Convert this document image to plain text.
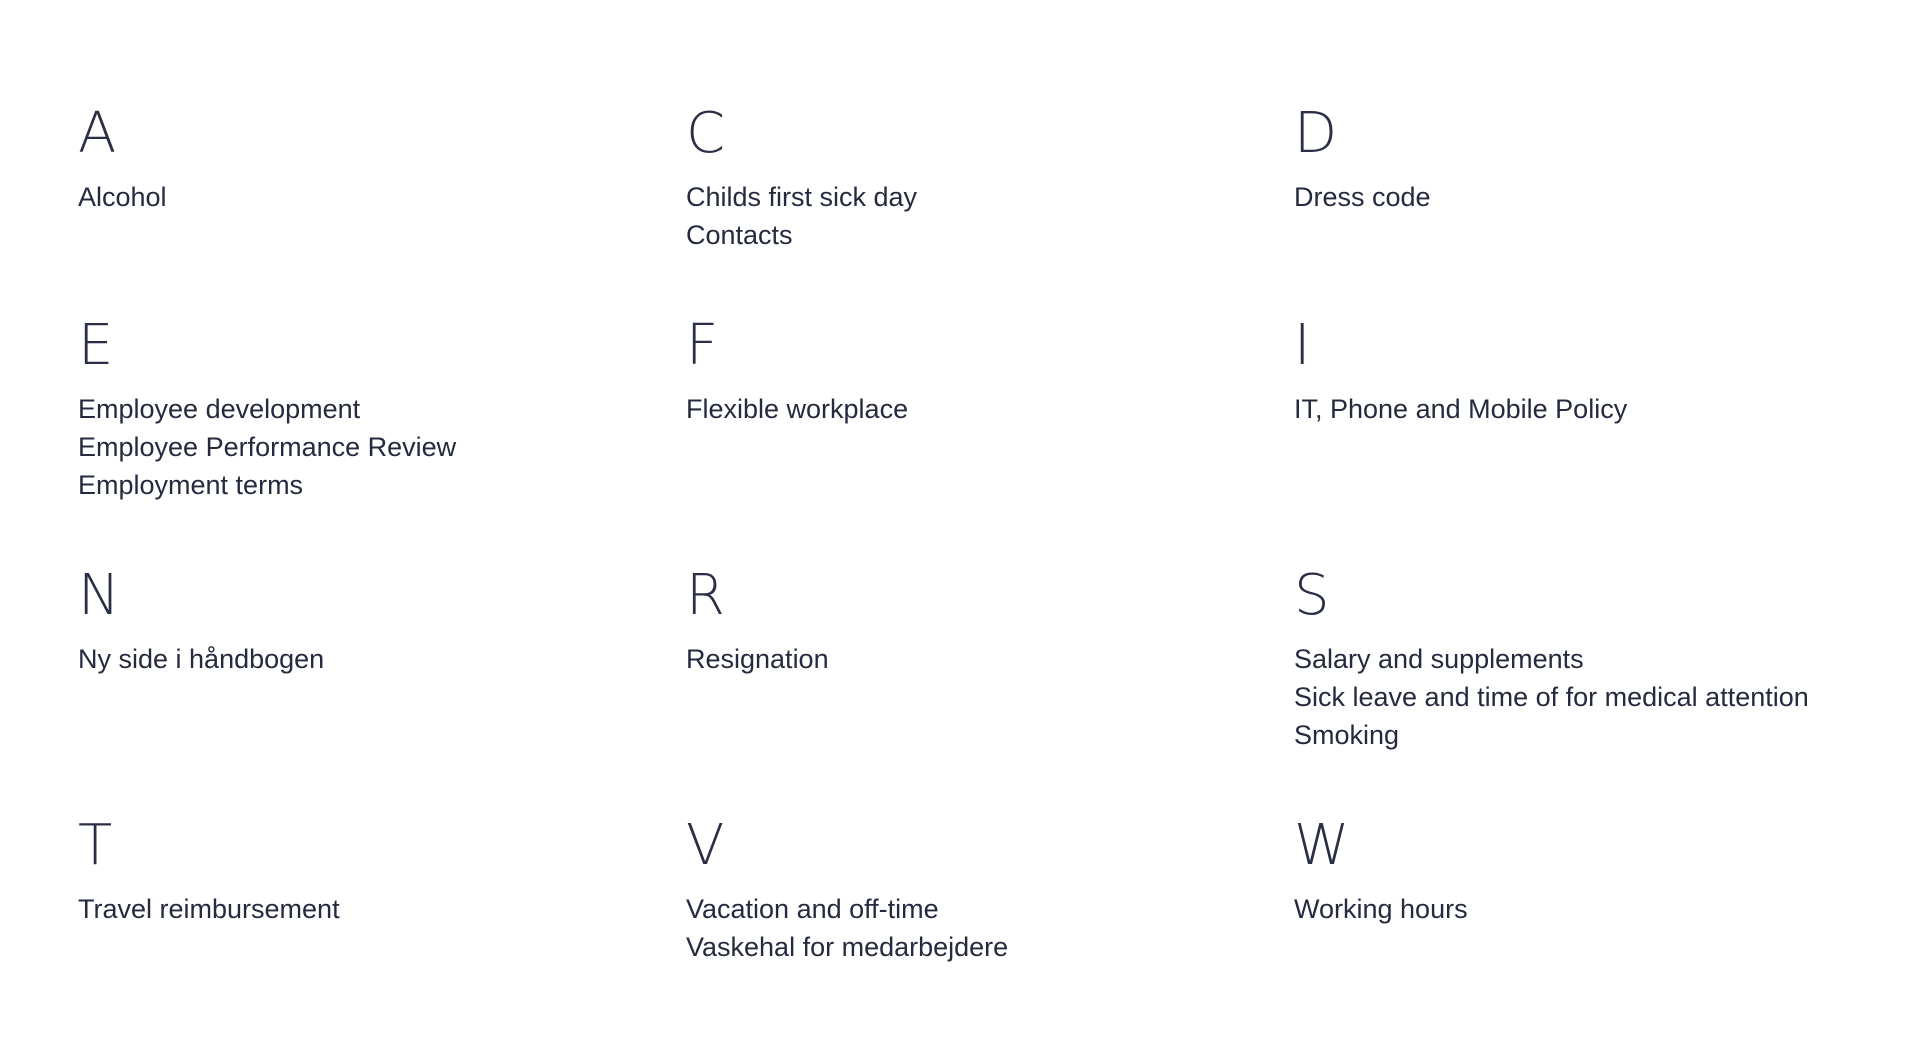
A
Alcohol
C
Childs first sick day
Contacts
D
Dress code
E
Employee development
Employee Performance Review
Employment terms
F
Flexible workplace
I
IT, Phone and Mobile Policy
N
Ny side i håndbogen
R
Resignation
S
Salary and supplements
Sick leave and time of for medical attention
Smoking
T
Travel reimbursement
V
Vacation and off-time
Vaskehal for medarbejdere
W
Working hours
